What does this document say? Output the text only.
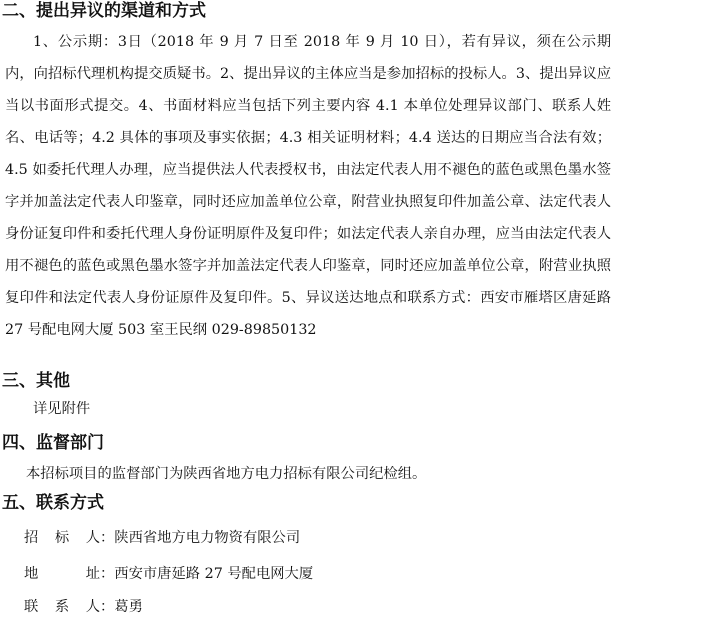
二、提出异议的渠道和方式
1、公示期：3日（2018 年 9 月 7 日至 2018 年 9 月 10 日），若有异议，须在公示期内，向招标代理机构提交质疑书。2、提出异议的主体应当是参加招标的投标人。3、提出异议应当以书面形式提交。4、书面材料应当包括下列主要内容 4.1 本单位处理异议部门、联系人姓名、电话等；4.2 具体的事项及事实依据；4.3 相关证明材料；4.4 送达的日期应当合法有效；4.5 如委托代理人办理，应当提供法人代表授权书，由法定代表人用不褪色的蓝色或黑色墨水签字并加盖法定代表人印鉴章，同时还应加盖单位公章，附营业执照复印件加盖公章、法定代表人身份证复印件和委托代理人身份证明原件及复印件；如法定代表人亲自办理，应当由法定代表人用不褪色的蓝色或黑色墨水签字并加盖法定代表人印鉴章，同时还应加盖单位公章，附营业执照复印件和法定代表人身份证原件及复印件。5、异议送达地点和联系方式：西安市雁塔区唐延路 27 号配电网大厦 503 室王民纲 029-89850132
三、其他
详见附件
四、监督部门
本招标项目的监督部门为陕西省地方电力招标有限公司纪检组。
五、联系方式
招标人：陕西省地方电力物资有限公司
地址：西安市唐延路 27 号配电网大厦
联系人：葛勇
